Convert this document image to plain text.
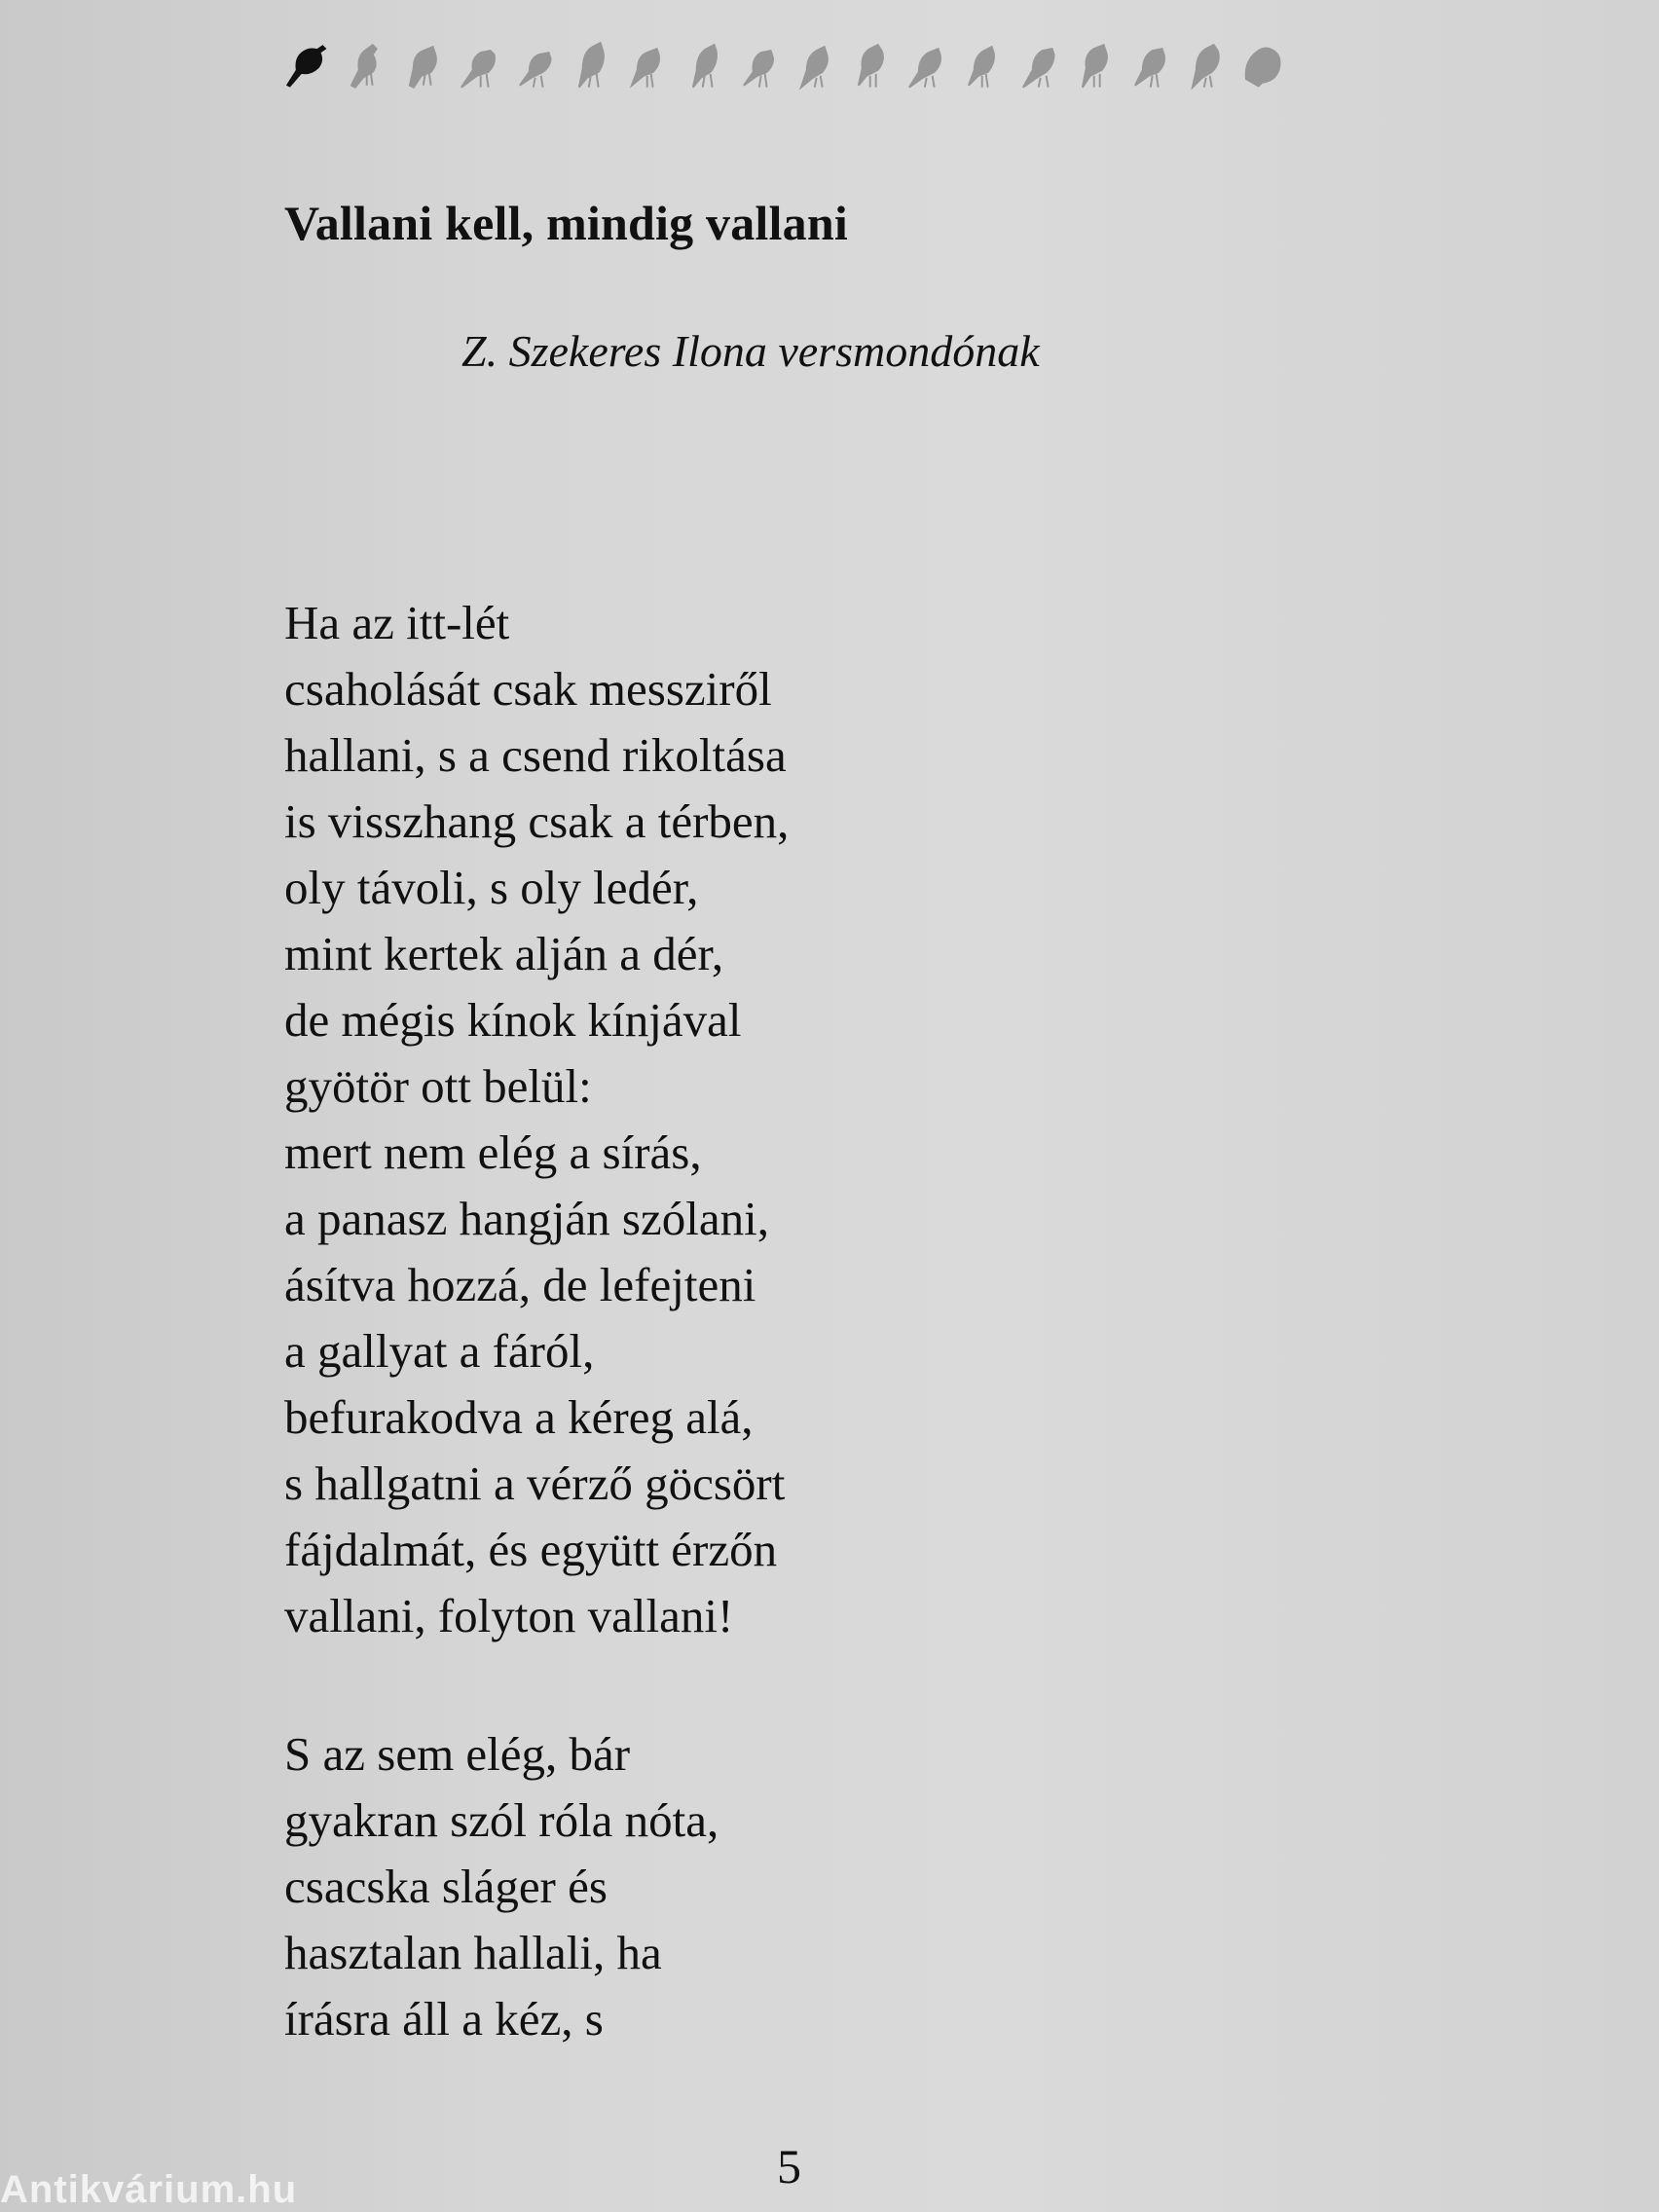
Vallani kell, mindig vallani

Z. Szekeres Ilona versmondónak

Ha az itt-lét
csaholását csak messziről
hallani, s a csend rikoltása
is visszhang csak a térben,
oly távoli, s oly ledér,
mint kertek alján a dér,
de mégis kínok kínjával
gyötör ott belül:
mert nem elég a sírás,
a panasz hangján szólani,
ásítva hozzá, de lefejteni
a gallyat a fáról,
befurakodva a kéreg alá,
s hallgatni a vérző göcsört
fájdalmát, és együtt érzőn
vallani, folyton vallani!
S az sem elég, bár
gyakran szól róla nóta,
csacska sláger és
hasztalan hallali, ha
írásra áll a kéz, s

5

Antikvárium.hu
